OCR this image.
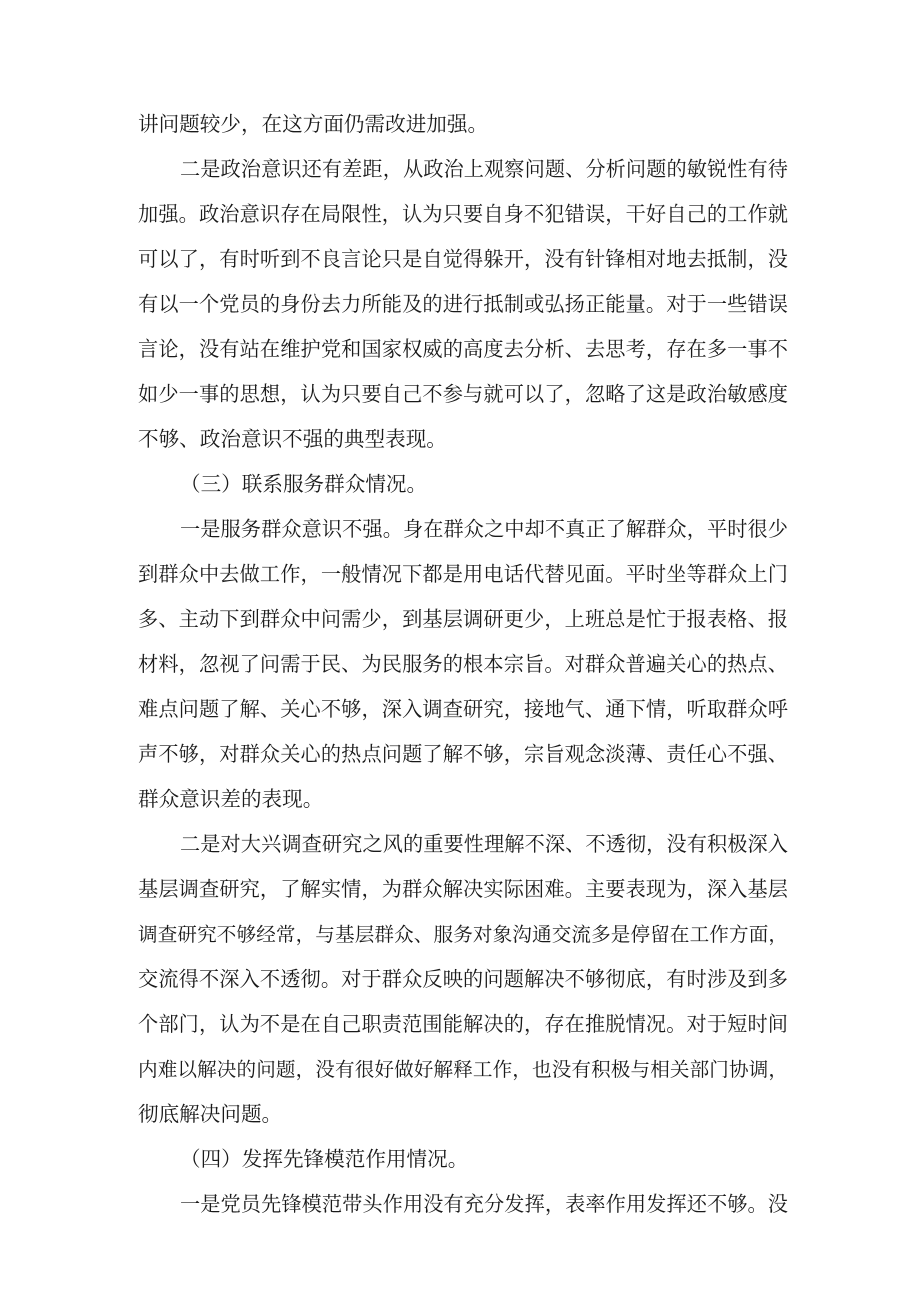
讲问题较少，在这方面仍需改进加强。
二是政治意识还有差距，从政治上观察问题、分析问题的敏锐性有待
加强。政治意识存在局限性，认为只要自身不犯错误，干好自己的工作就
可以了，有时听到不良言论只是自觉得躲开，没有针锋相对地去抵制，没
有以一个党员的身份去力所能及的进行抵制或弘扬正能量。对于一些错误
言论，没有站在维护党和国家权威的高度去分析、去思考，存在多一事不
如少一事的思想，认为只要自己不参与就可以了，忽略了这是政治敏感度
不够、政治意识不强的典型表现。
（三）联系服务群众情况。
一是服务群众意识不强。身在群众之中却不真正了解群众，平时很少
到群众中去做工作，一般情况下都是用电话代替见面。平时坐等群众上门
多、主动下到群众中问需少，到基层调研更少，上班总是忙于报表格、报
材料，忽视了问需于民、为民服务的根本宗旨。对群众普遍关心的热点、
难点问题了解、关心不够，深入调查研究，接地气、通下情，听取群众呼
声不够，对群众关心的热点问题了解不够，宗旨观念淡薄、责任心不强、
群众意识差的表现。
二是对大兴调查研究之风的重要性理解不深、不透彻，没有积极深入
基层调查研究，了解实情，为群众解决实际困难。主要表现为，深入基层
调查研究不够经常，与基层群众、服务对象沟通交流多是停留在工作方面，
交流得不深入不透彻。对于群众反映的问题解决不够彻底，有时涉及到多
个部门，认为不是在自己职责范围能解决的，存在推脱情况。对于短时间
内难以解决的问题，没有很好做好解释工作，也没有积极与相关部门协调，
彻底解决问题。
（四）发挥先锋模范作用情况。
一是党员先锋模范带头作用没有充分发挥，表率作用发挥还不够。没
